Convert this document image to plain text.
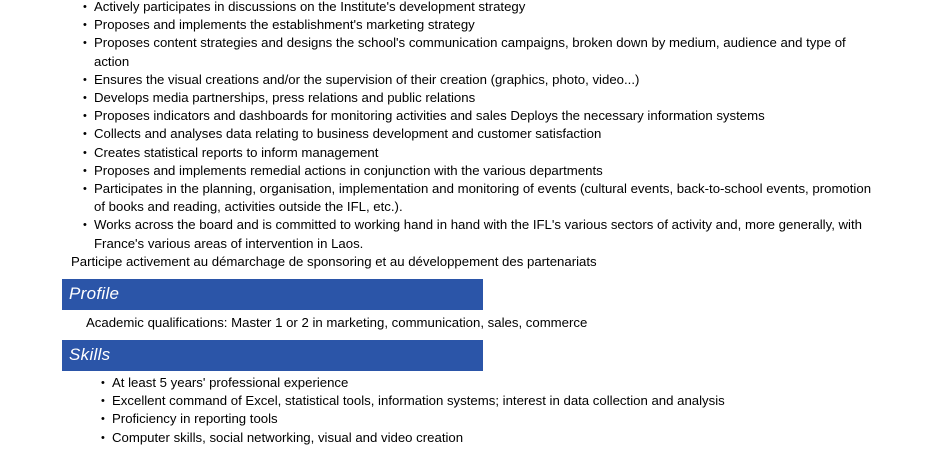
• Actively participates in discussions on the Institute's development strategy
• Proposes and implements the establishment's marketing strategy
• Proposes content strategies and designs the school's communication campaigns, broken down by medium, audience and type of action
• Ensures the visual creations and/or the supervision of their creation (graphics, photo, video...)
• Develops media partnerships, press relations and public relations
• Proposes indicators and dashboards for monitoring activities and sales Deploys the necessary information systems
• Collects and analyses data relating to business development and customer satisfaction
• Creates statistical reports to inform management
• Proposes and implements remedial actions in conjunction with the various departments
• Participates in the planning, organisation, implementation and monitoring of events (cultural events, back-to-school events, promotion of books and reading, activities outside the IFL, etc.).
• Works across the board and is committed to working hand in hand with the IFL's various sectors of activity and, more generally, with France's various areas of intervention in Laos.
Participe activement au démarchage de sponsoring et au développement des partenariats
Profile
Academic qualifications: Master 1 or 2 in marketing, communication, sales, commerce
Skills
• At least 5 years' professional experience
• Excellent command of Excel, statistical tools, information systems; interest in data collection and analysis
• Proficiency in reporting tools
• Computer skills, social networking, visual and video creation
